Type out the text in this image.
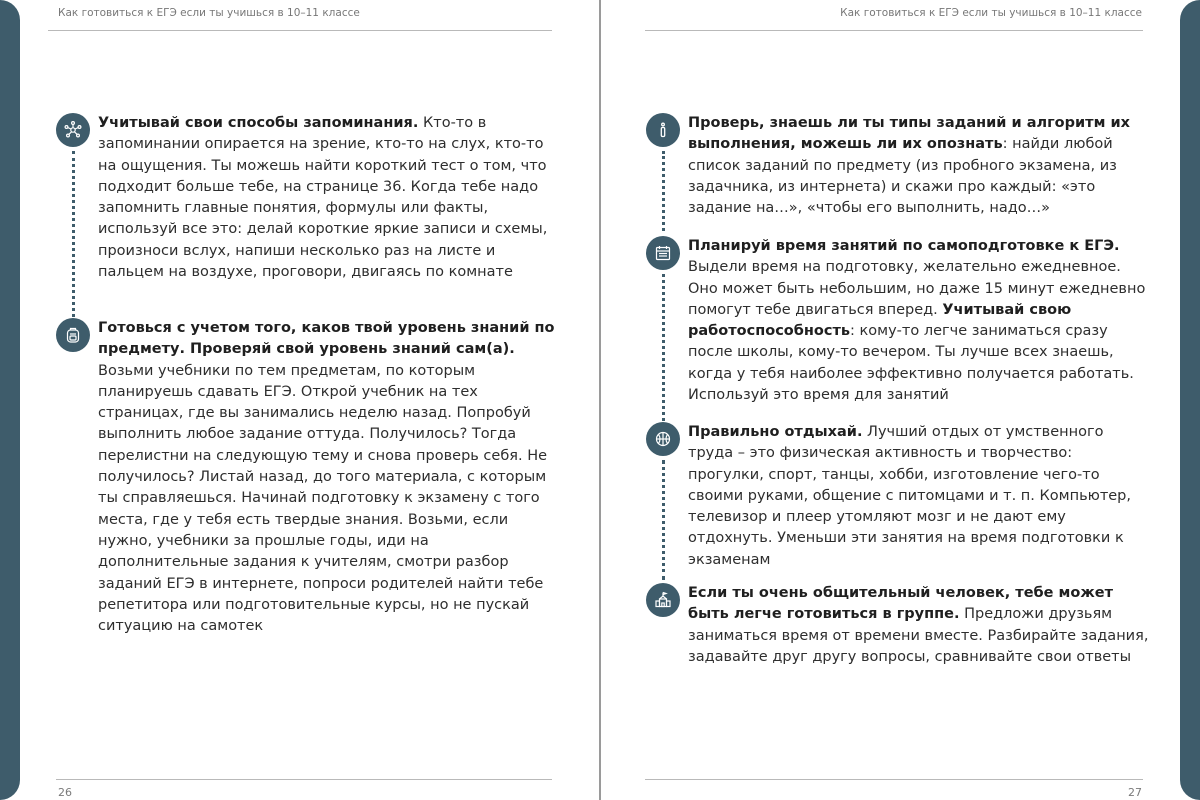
Как готовиться к ЕГЭ если ты учишься в 10–11 классе
Учитывай свои способы запоминания. Кто-то в запоминании опирается на зрение, кто-то на слух, кто-то на ощущения. Ты можешь найти короткий тест о том, что подходит больше тебе, на странице 36. Когда тебе надо запомнить главные понятия, формулы или факты, используй все это: делай короткие яркие записи и схемы, произноси вслух, напиши несколько раз на листе и пальцем на воздухе, проговори, двигаясь по комнате
Готовься с учетом того, каков твой уровень знаний по предмету. Проверяй свой уровень знаний сам(а). Возьми учебники по тем предметам, по которым планируешь сдавать ЕГЭ. Открой учебник на тех страницах, где вы занимались неделю назад. Попробуй выполнить любое задание оттуда. Получилось? Тогда перелистни на следующую тему и снова проверь себя. Не получилось? Листай назад, до того материала, с которым ты справляешься. Начинай подготовку к экзамену с того места, где у тебя есть твердые знания. Возьми, если нужно, учебники за прошлые годы, иди на дополнительные задания к учителям, смотри разбор заданий ЕГЭ в интернете, попроси родителей найти тебе репетитора или подготовительные курсы, но не пускай ситуацию на самотек
26
Как готовиться к ЕГЭ если ты учишься в 10–11 классе
Проверь, знаешь ли ты типы заданий и алгоритм их выполнения, можешь ли их опознать: найди любой список заданий по предмету (из пробного экзамена, из задачника, из интернета) и скажи про каждый: «это задание на…», «чтобы его выполнить, надо…»
Планируй время занятий по самоподготовке к ЕГЭ. Выдели время на подготовку, желательно ежедневное. Оно может быть небольшим, но даже 15 минут ежедневно помогут тебе двигаться вперед. Учитывай свою работоспособность: кому-то легче заниматься сразу после школы, кому-то вечером. Ты лучше всех знаешь, когда у тебя наиболее эффективно получается работать. Используй это время для занятий
Правильно отдыхай. Лучший отдых от умственного труда – это физическая активность и творчество: прогулки, спорт, танцы, хобби, изготовление чего-то своими руками, общение с питомцами и т. п. Компьютер, телевизор и плеер утомляют мозг и не дают ему отдохнуть. Уменьши эти занятия на время подготовки к экзаменам
Если ты очень общительный человек, тебе может быть легче готовиться в группе. Предложи друзьям заниматься время от времени вместе. Разбирайте задания, задавайте друг другу вопросы, сравнивайте свои ответы
27
